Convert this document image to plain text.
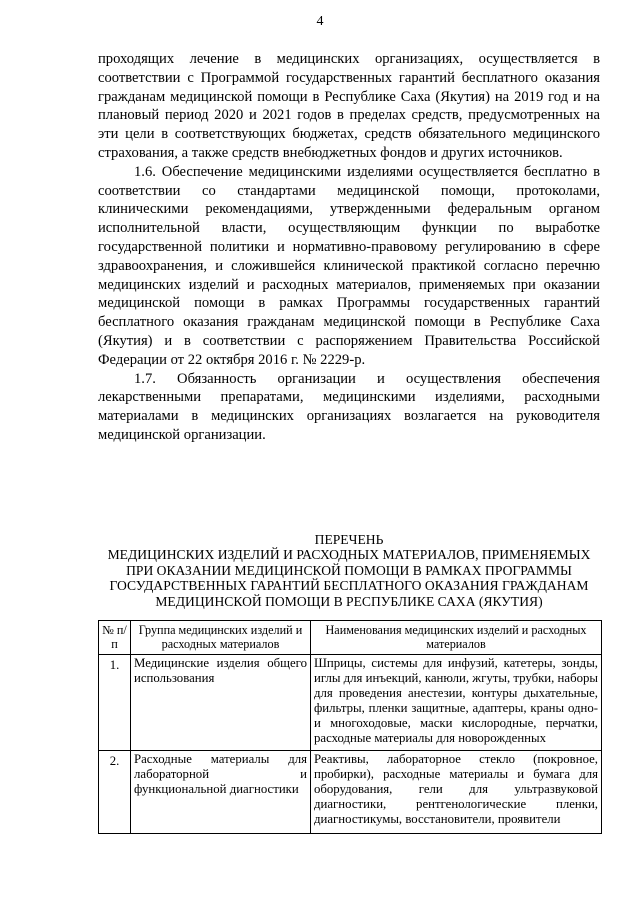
4

проходящих лечение в медицинских организациях, осуществляется в соответствии с Программой государственных гарантий бесплатного оказания гражданам медицинской помощи в Республике Саха (Якутия) на 2019 год и на плановый период 2020 и 2021 годов в пределах средств, предусмотренных на эти цели в соответствующих бюджетах, средств обязательного медицинского страхования, а также средств внебюджетных фондов и других источников.

1.6. Обеспечение медицинскими изделиями осуществляется бесплатно в соответствии со стандартами медицинской помощи, протоколами, клиническими рекомендациями, утвержденными федеральным органом исполнительной власти, осуществляющим функции по выработке государственной политики и нормативно-правовому регулированию в сфере здравоохранения, и сложившейся клинической практикой согласно перечню медицинских изделий и расходных материалов, применяемых при оказании медицинской помощи в рамках Программы государственных гарантий бесплатного оказания гражданам медицинской помощи в Республике Саха (Якутия) и в соответствии с распоряжением Правительства Российской Федерации от 22 октября 2016 г. № 2229-р.

1.7. Обязанность организации и осуществления обеспечения лекарственными препаратами, медицинскими изделиями, расходными материалами в медицинских организациях возлагается на руководителя медицинской организации.

ПЕРЕЧЕНЬ
МЕДИЦИНСКИХ ИЗДЕЛИЙ И РАСХОДНЫХ МАТЕРИАЛОВ, ПРИМЕНЯЕМЫХ
ПРИ ОКАЗАНИИ МЕДИЦИНСКОЙ ПОМОЩИ В РАМКАХ ПРОГРАММЫ
ГОСУДАРСТВЕННЫХ ГАРАНТИЙ БЕСПЛАТНОГО ОКАЗАНИЯ ГРАЖДАНАМ
МЕДИЦИНСКОЙ ПОМОЩИ В РЕСПУБЛИКЕ САХА (ЯКУТИЯ)
№ п/п	Группа медицинских изделий и расходных материалов	Наименования медицинских изделий и расходных материалов
1.	Медицинские изделия общего использования	Шприцы, системы для инфузий, катетеры, зонды, иглы для инъекций, канюли, жгуты, трубки, наборы для проведения анестезии, контуры дыхательные, фильтры, пленки защитные, адаптеры, краны одно- и многоходовые, маски кислородные, перчатки, расходные материалы для новорожденных
2.	Расходные материалы для лабораторной и функциональной диагностики	Реактивы, лабораторное стекло (покровное, пробирки), расходные материалы и бумага для оборудования, гели для ультразвуковой диагностики, рентгенологические пленки, диагностикумы, восстановители, проявители
